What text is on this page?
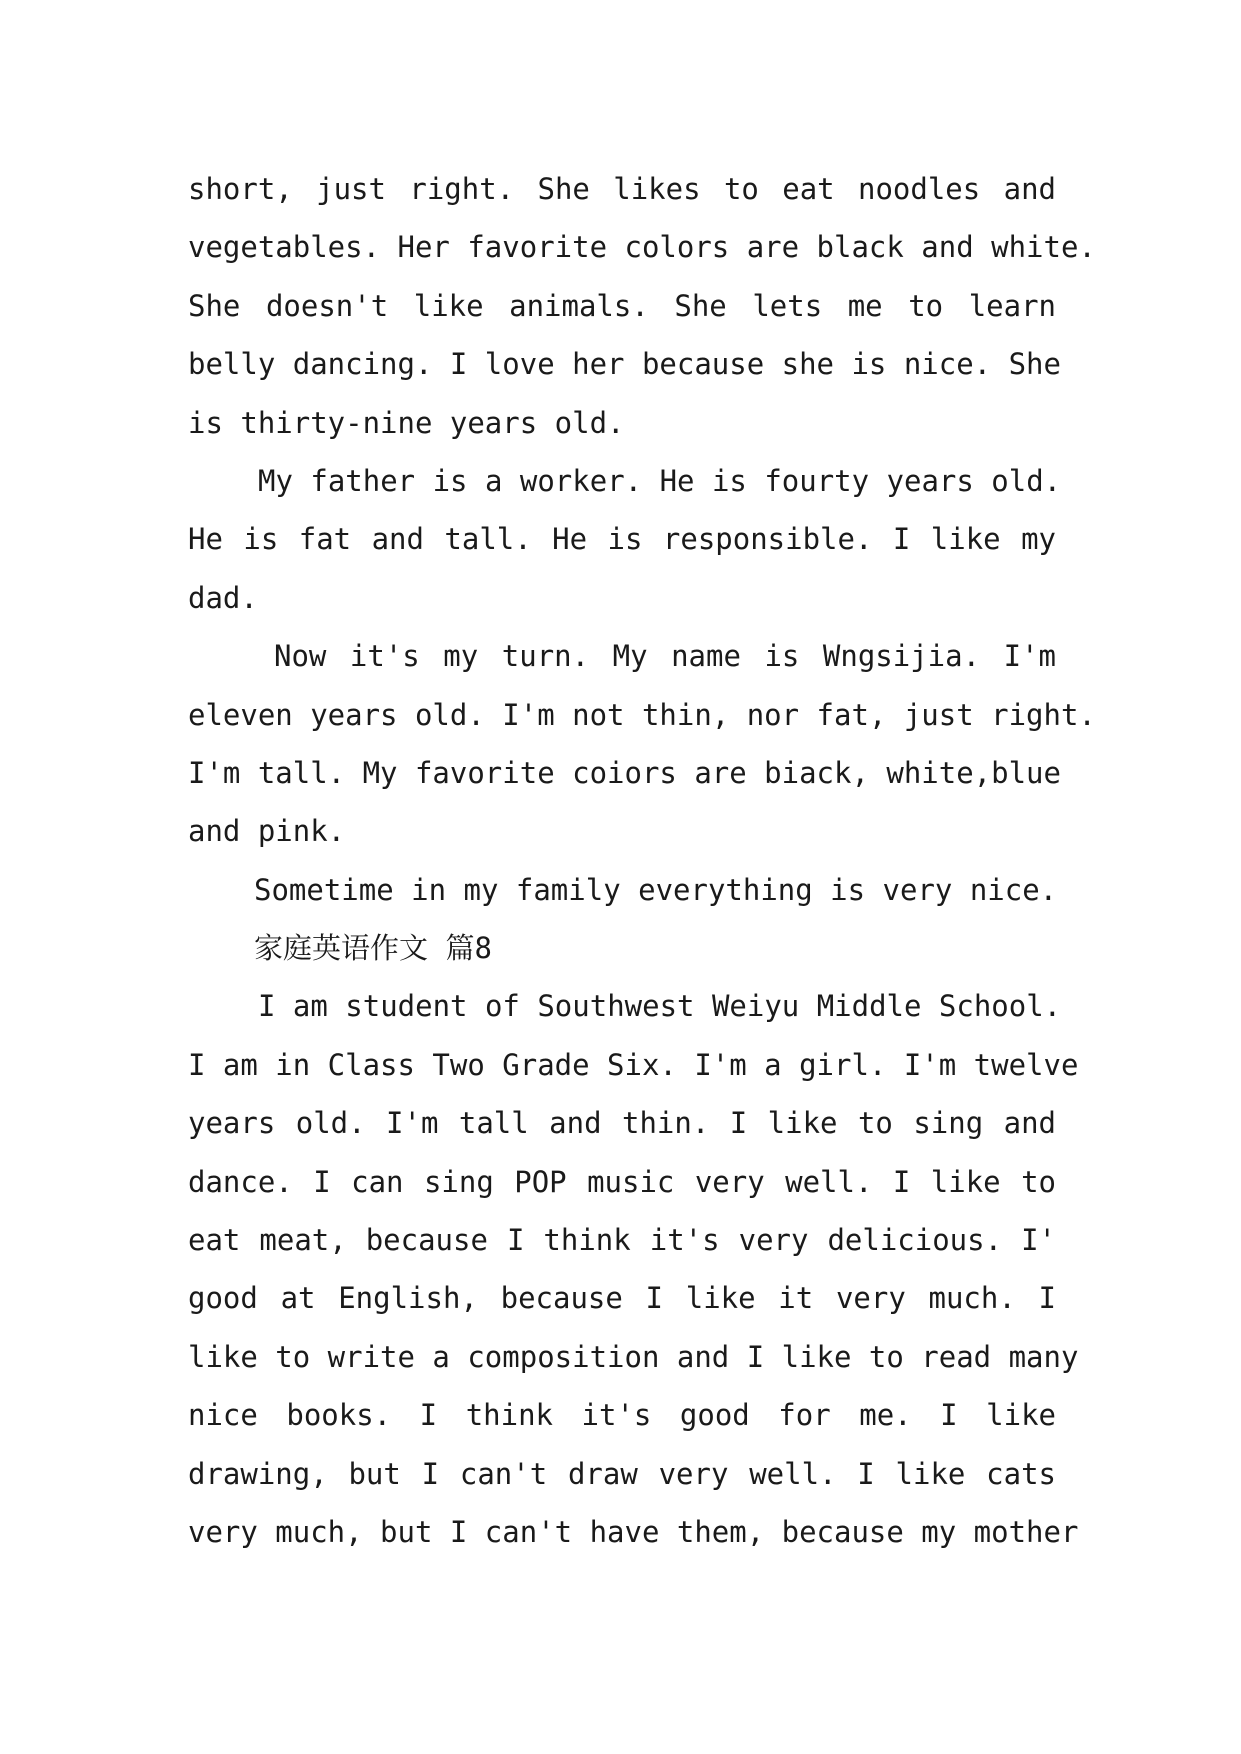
short, just right. She likes to eat noodles and
vegetables. Her favorite colors are black and white.
She doesn't like animals. She lets me to learn
belly dancing. I love her because she is nice. She
is thirty-nine years old.
My father is a worker. He is fourty years old.
He is fat and tall. He is responsible. I like my
dad.
Now it's my turn. My name is Wngsijia. I'm
eleven years old. I'm not thin, nor fat, just right.
I'm tall. My favorite coiors are biack, white,blue
and pink.
Sometime in my family everything is very nice.
家庭英语作文 篇8
I am student of Southwest Weiyu Middle School.
I am in Class Two Grade Six. I'm a girl. I'm twelve
years old. I'm tall and thin. I like to sing and
dance. I can sing POP music very well. I like to
eat meat, because I think it's very delicious. I'
good at English, because I like it very much. I
like to write a composition and I like to read many
nice books. I think it's good for me. I like
drawing, but I can't draw very well. I like cats
very much, but I can't have them, because my mother
